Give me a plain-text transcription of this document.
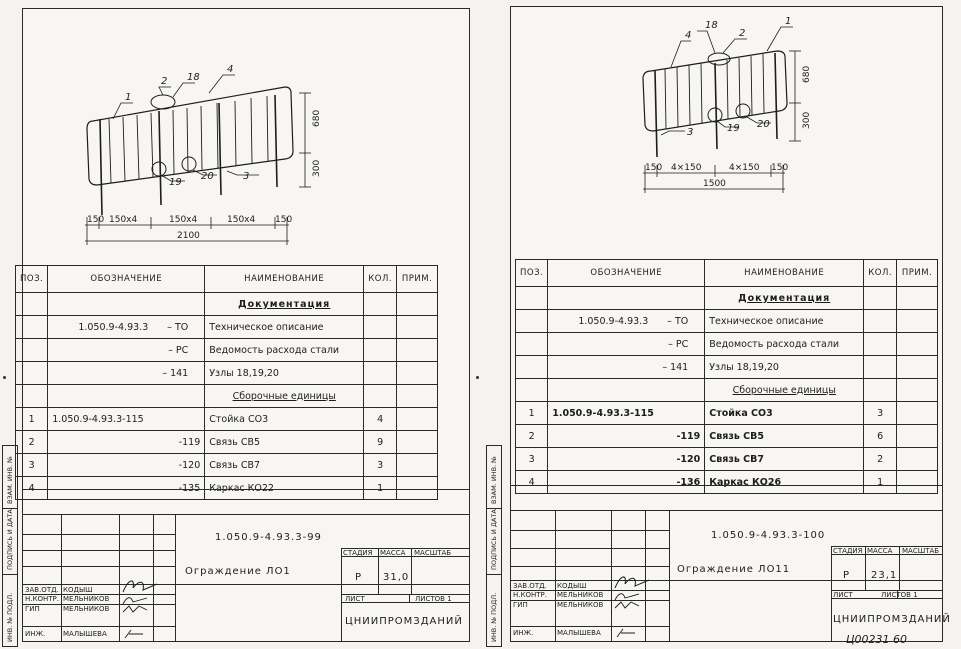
1
2 18
4
19
20	3
680
300
150 150x4	150x4	150x4 150
2100
ПОЗ.	ОБОЗНАЧЕНИЕ	НАИМЕНОВАНИЕ	КОЛ.	ПРИМ.
		Документация		
	1.050.9-4.93.3 – ТО	Техническое описание		
	– РС	Ведомость расхода стали		
	– 141	Узлы 18,19,20		
		Сборочные единицы		
1	1.050.9-4.93.3-115	Стойка СО3	4	
2	-119	Связь СВ5	9	
3	-120	Связь СВ7	3	
4	-135	Каркас КО22	1	
1.050.9-4.93.3-99
Ограждение ЛО1
СТАДИЯ МАССА МАСШТАБ
Р 31,0
ЛИСТ	ЛИСТОВ 1
ЦНИИПРОМЗДАНИЙ
ЗАВ.ОТД. КОДЫШ
Н.КОНТР. МЕЛЬНИКОВ
ГИП	МЕЛЬНИКОВ
ИНЖ.	МАЛЫШЕВА
ИНВ. № ПОДЛ.
ПОДПИСЬ И ДАТА
ВЗАМ. ИНВ. №
18
2
1
4
3	19 20
680
300
150 4×150	4×150 150
1500
ПОЗ.	ОБОЗНАЧЕНИЕ	НАИМЕНОВАНИЕ	КОЛ.	ПРИМ.
		Документация		
	1.050.9-4.93.3 – ТО	Техническое описание		
	– РС	Ведомость расхода стали		
	– 141	Узлы 18,19,20		
		Сборочные единицы		
1	1.050.9-4.93.3-115	Стойка СО3	3	
2	-119	Связь СВ5	6	
3	-120	Связь СВ7	2	
4	-136	Каркас КО26	1	
1.050.9-4.93.3-100
Ограждение ЛО11
СТАДИЯ МАССА МАСШТАБ
Р 23,1
ЛИСТ	ЛИСТОВ 1
ЦНИИПРОМЗДАНИЙ
ЗАВ.ОТД. КОДЫШ
Н.КОНТР. МЕЛЬНИКОВ
ГИП	МЕЛЬНИКОВ
ИНЖ.	МАЛЫШЕВА
ИНВ. № ПОДЛ.
ПОДПИСЬ И ДАТА
ВЗАМ. ИНВ. №
Ц00231 60
